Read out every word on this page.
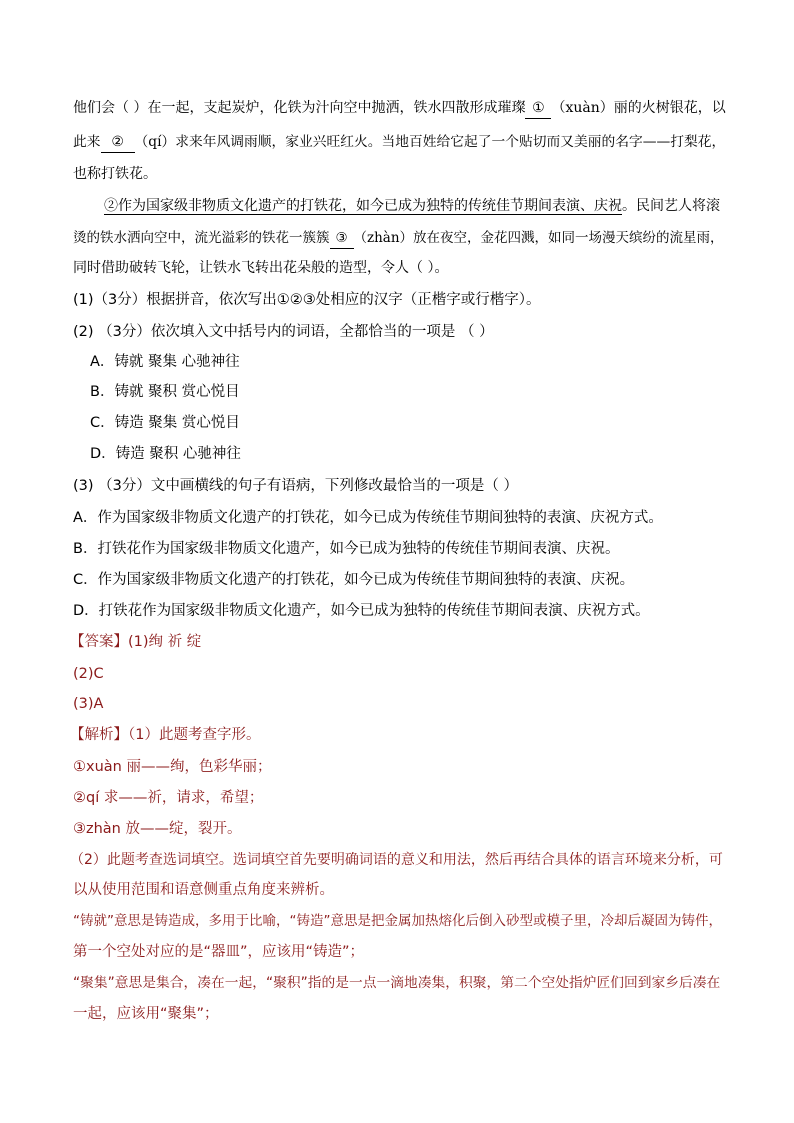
他们会（ ）在一起，支起炭炉，化铁为汁向空中抛洒，铁水四散形成璀璨 ① （xuàn）丽的火树银花，以
此来 ② （qí）求来年风调雨顺，家业兴旺红火。当地百姓给它起了一个贴切而又美丽的名字——打梨花，
也称打铁花。
②作为国家级非物质文化遗产的打铁花，如今已成为独特的传统佳节期间表演、庆祝。民间艺人将滚
烫的铁水洒向空中，流光溢彩的铁花一簇簇 ③ （zhàn）放在夜空，金花四溅，如同一场漫天缤纷的流星雨，
同时借助破转飞轮，让铁水飞转出花朵般的造型，令人（ ）。
(1)（3分）根据拼音，依次写出①②③处相应的汉字（正楷字或行楷字）。
(2) （3分）依次填入文中括号内的词语，全都恰当的一项是 （ ）
A．铸就 聚集 心驰神往
B．铸就 聚积 赏心悦目
C．铸造 聚集 赏心悦目
D．铸造 聚积 心驰神往
(3) （3分）文中画横线的句子有语病，下列修改最恰当的一项是（ ）
A．作为国家级非物质文化遗产的打铁花，如今已成为传统佳节期间独特的表演、庆祝方式。
B．打铁花作为国家级非物质文化遗产，如今已成为独特的传统佳节期间表演、庆祝。
C．作为国家级非物质文化遗产的打铁花，如今已成为传统佳节期间独特的表演、庆祝。
D．打铁花作为国家级非物质文化遗产，如今已成为独特的传统佳节期间表演、庆祝方式。
【答案】(1)绚 祈 绽
(2)C
(3)A
【解析】（1）此题考查字形。
①xuàn 丽——绚，色彩华丽；
②qí 求——祈，请求，希望；
③zhàn 放——绽，裂开。
（2）此题考查选词填空。选词填空首先要明确词语的意义和用法，然后再结合具体的语言环境来分析，可
以从使用范围和语意侧重点角度来辨析。
“铸就”意思是铸造成，多用于比喻，“铸造”意思是把金属加热熔化后倒入砂型或模子里，冷却后凝固为铸件，
第一个空处对应的是“器皿”，应该用“铸造”；
“聚集”意思是集合，凑在一起，“聚积”指的是一点一滴地凑集，积聚，第二个空处指炉匠们回到家乡后凑在
一起，应该用“聚集”；
